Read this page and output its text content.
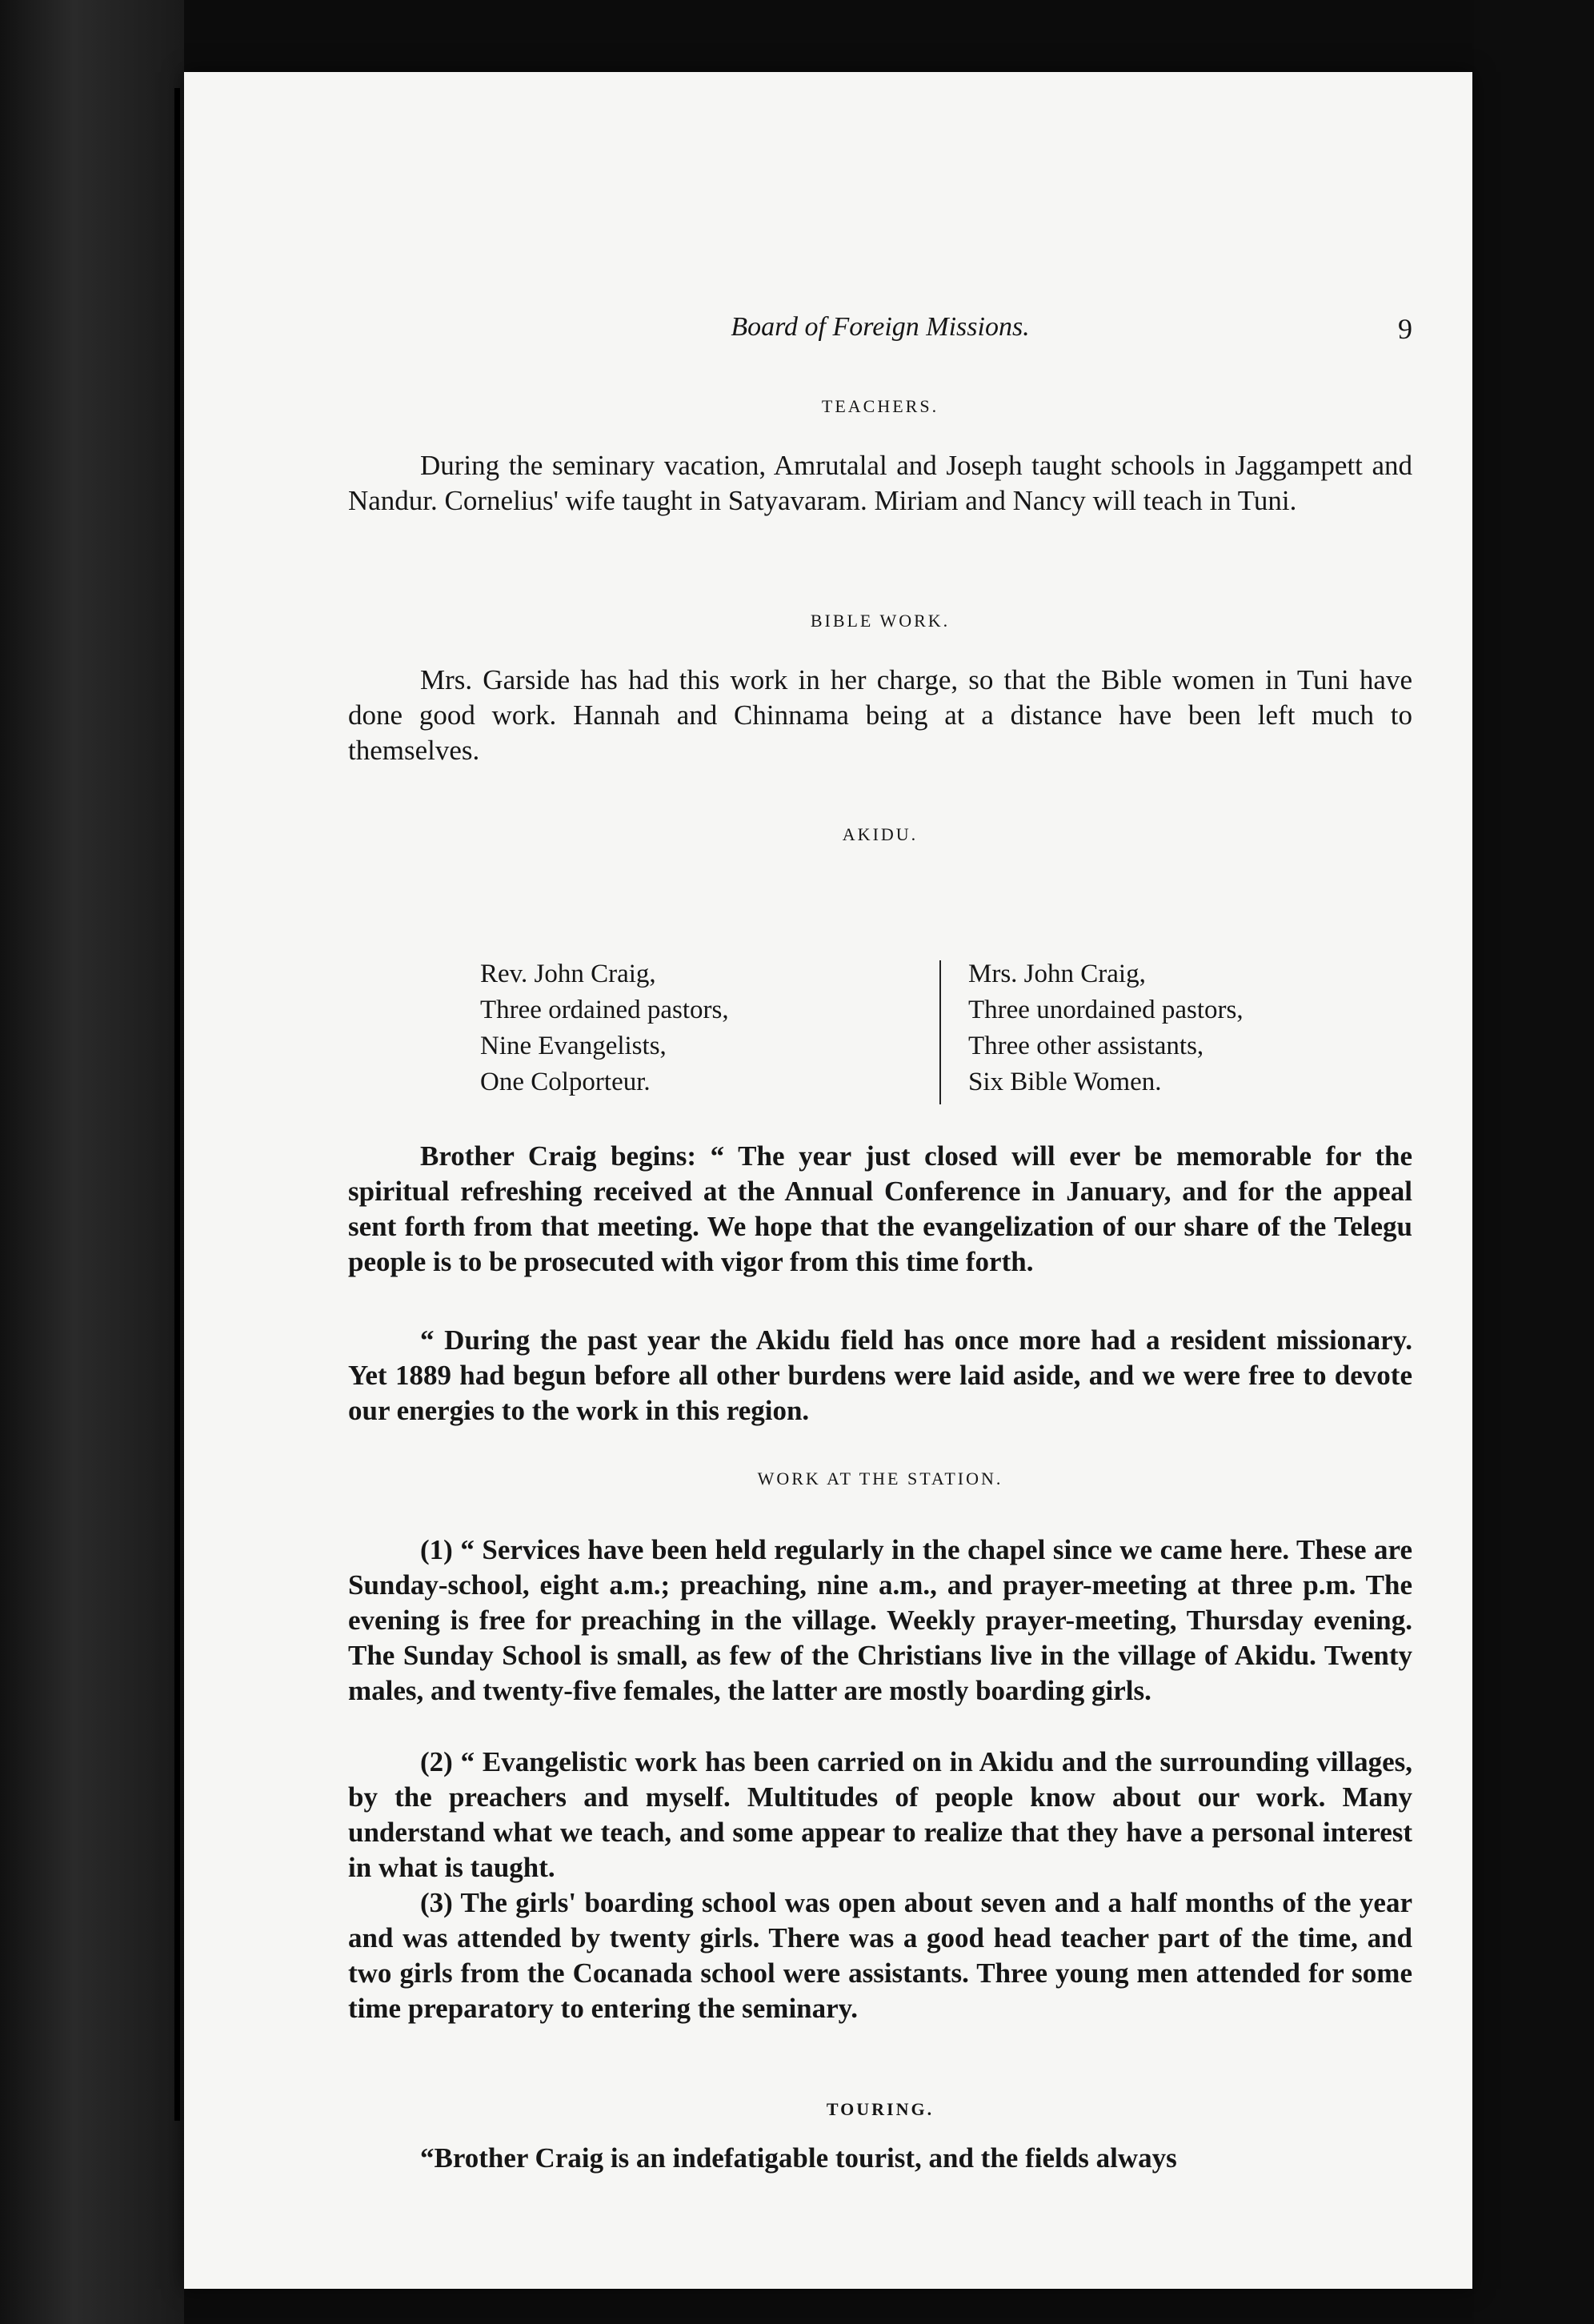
Board of Foreign Missions.	9
TEACHERS.

During the seminary vacation, Amrutalal and Joseph taught schools in Jaggampett and Nandur. Cornelius' wife taught in Satyavaram. Miriam and Nancy will teach in Tuni.

BIBLE WORK.

Mrs. Garside has had this work in her charge, so that the Bible women in Tuni have done good work. Hannah and Chinnama being at a distance have been left much to themselves.

AKIDU.
Rev. John Craig,
Three ordained pastors,
Nine Evangelists,
One Colporteur.
Mrs. John Craig,
Three unordained pastors,
Three other assistants,
Six Bible Women.

Brother Craig begins: “ The year just closed will ever be memorable for the spiritual refreshing received at the Annual Conference in January, and for the appeal sent forth from that meeting. We hope that the evangelization of our share of the Telegu people is to be prosecuted with vigor from this time forth.

“ During the past year the Akidu field has once more had a resident missionary. Yet 1889 had begun before all other burdens were laid aside, and we were free to devote our energies to the work in this region.

WORK AT THE STATION.

(1) “ Services have been held regularly in the chapel since we came here. These are Sunday-school, eight a.m.; preaching, nine a.m., and prayer-meeting at three p.m. The evening is free for preaching in the village. Weekly prayer-meeting, Thursday evening. The Sunday School is small, as few of the Christians live in the village of Akidu. Twenty males, and twenty-five females, the latter are mostly boarding girls.

(2) “ Evangelistic work has been carried on in Akidu and the surrounding villages, by the preachers and myself. Multitudes of people know about our work. Many understand what we teach, and some appear to realize that they have a personal interest in what is taught.

(3) The girls' boarding school was open about seven and a half months of the year and was attended by twenty girls. There was a good head teacher part of the time, and two girls from the Cocanada school were assistants. Three young men attended for some time preparatory to entering the seminary.

TOURING.

“Brother Craig is an indefatigable tourist, and the fields always
